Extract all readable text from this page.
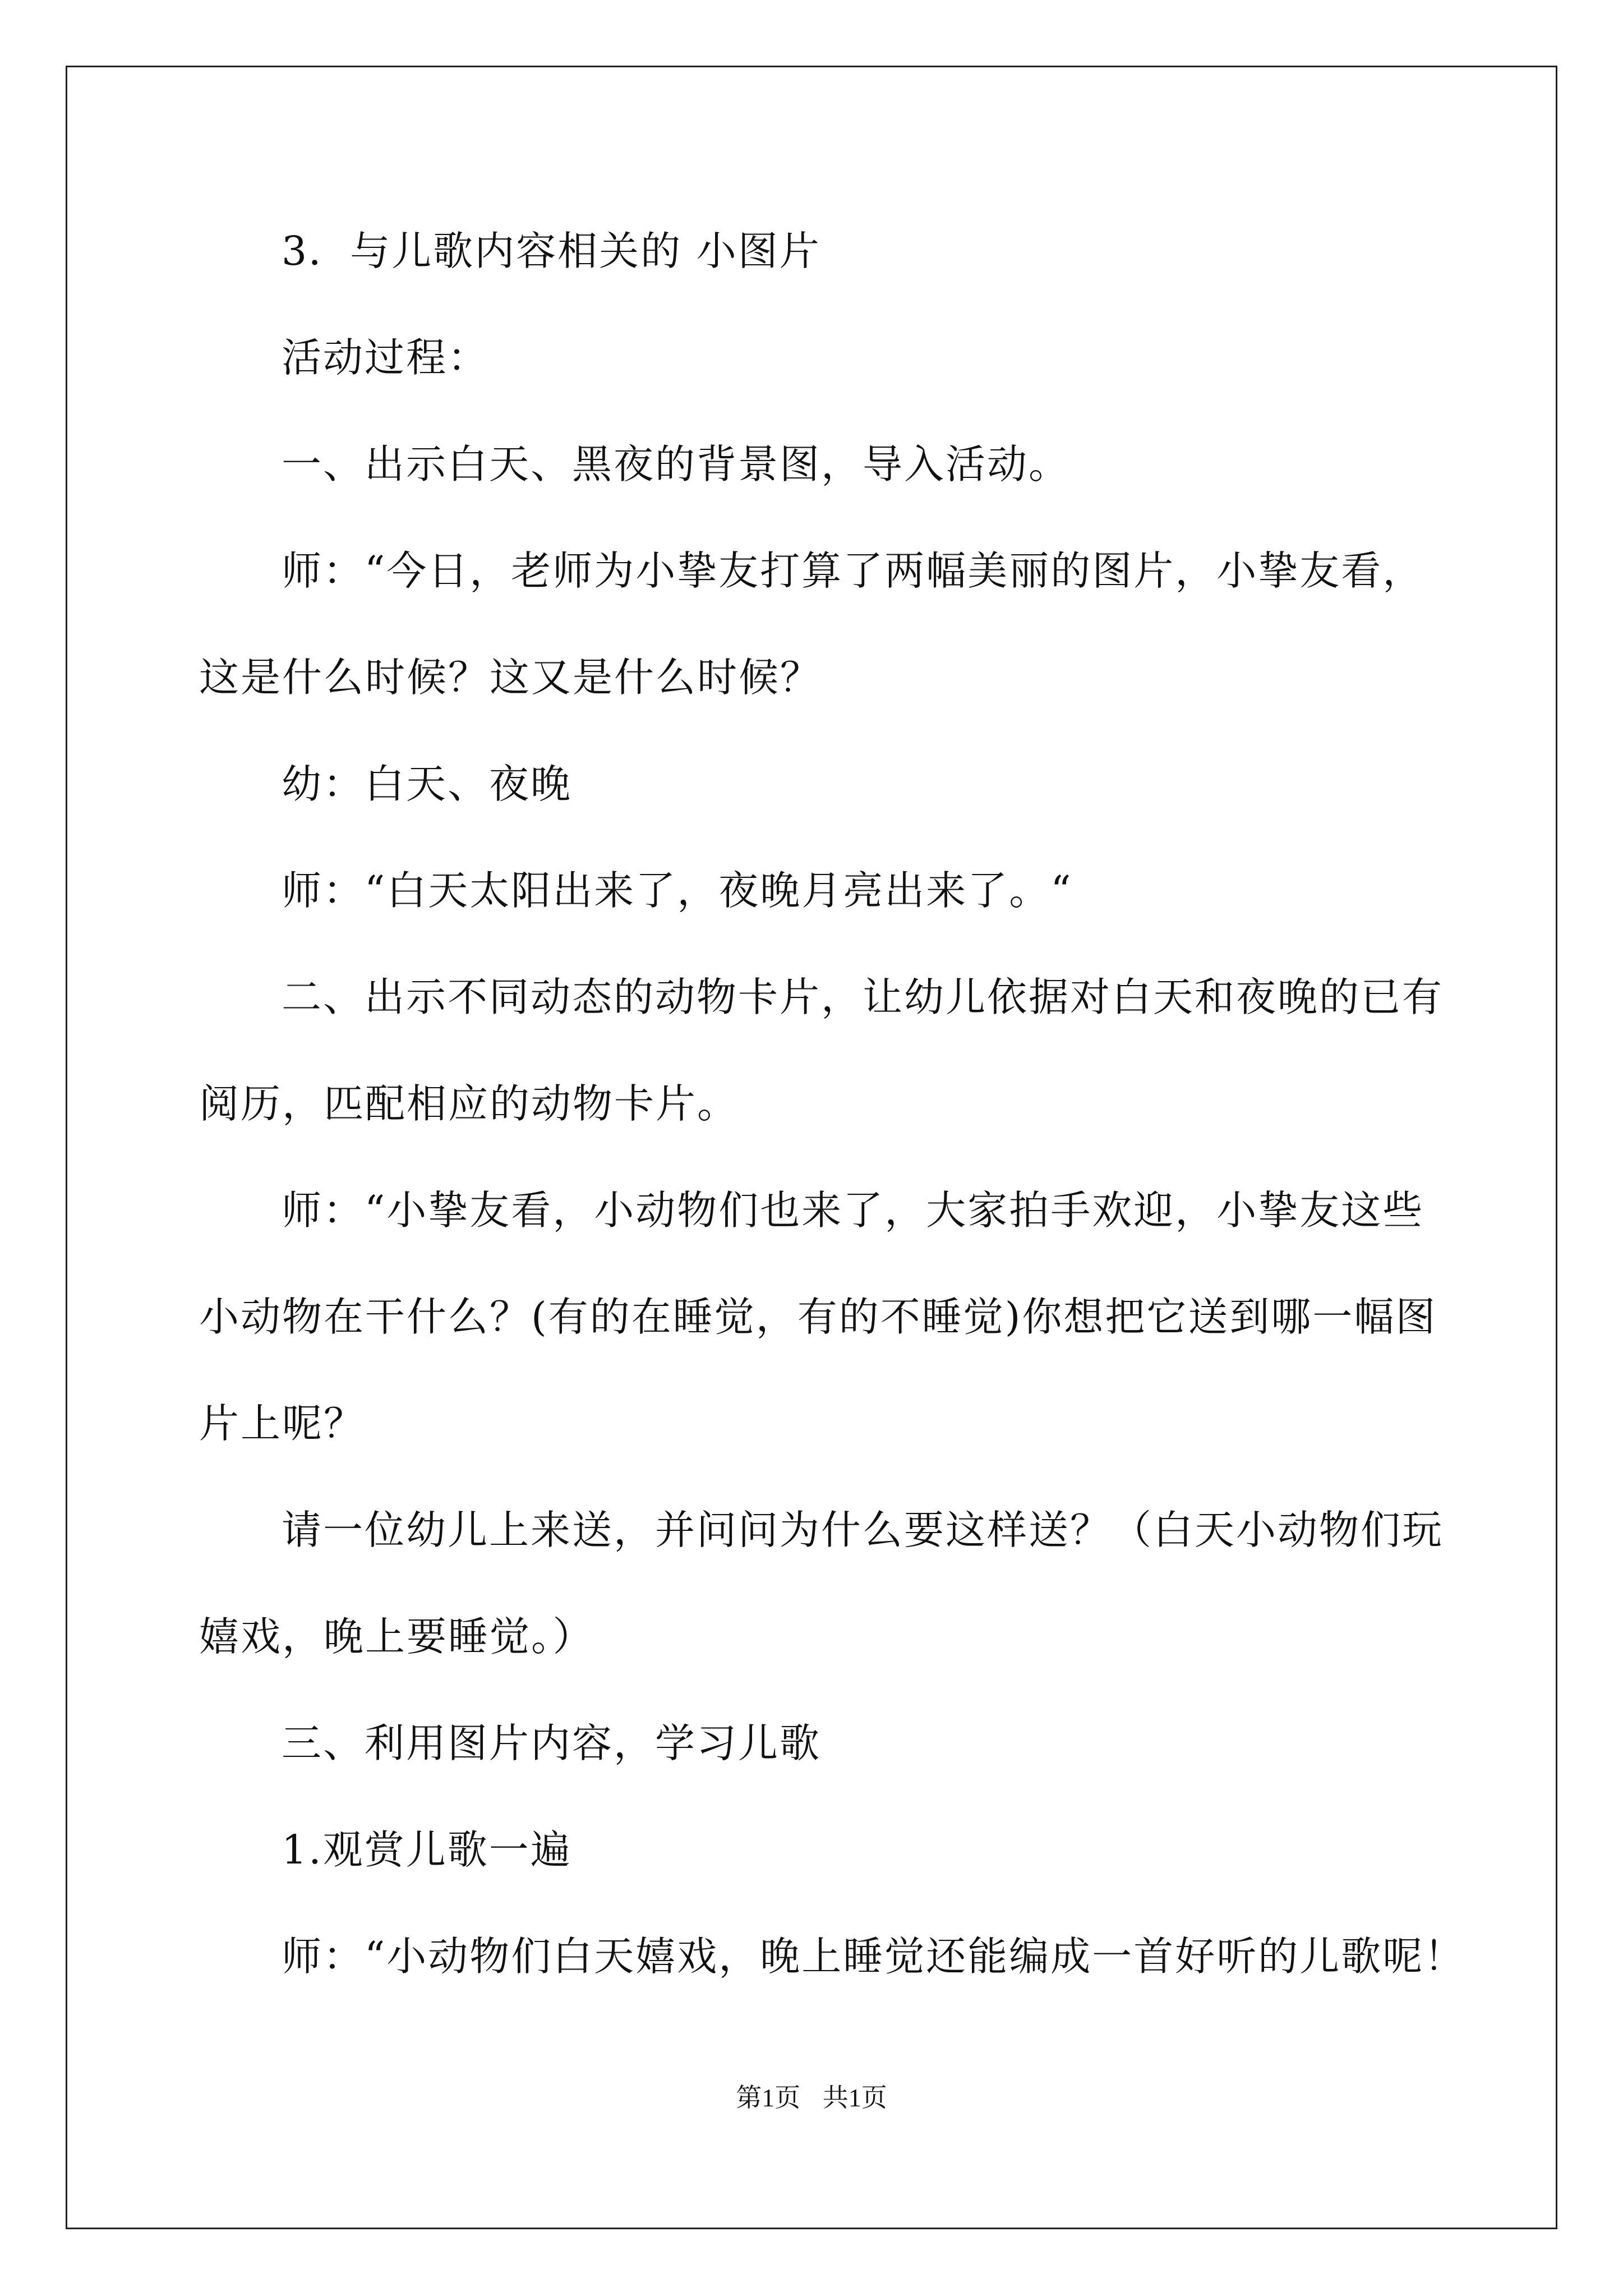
3．与儿歌内容相关的 小图片
活动过程：
一、出示白天、黑夜的背景图，导入活动。
师：“今日，老师为小挚友打算了两幅美丽的图片，小挚友看，
这是什么时候？这又是什么时候？
幼：白天、夜晚
师：“白天太阳出来了，夜晚月亮出来了。“
二、出示不同动态的动物卡片，让幼儿依据对白天和夜晚的已有
阅历，匹配相应的动物卡片。
师：“小挚友看，小动物们也来了，大家拍手欢迎，小挚友这些
小动物在干什么？(有的在睡觉，有的不睡觉)你想把它送到哪一幅图
片上呢？
请一位幼儿上来送，并问问为什么要这样送？（白天小动物们玩
嬉戏，晚上要睡觉。）
三、利用图片内容，学习儿歌
1.观赏儿歌一遍
师：“小动物们白天嬉戏，晚上睡觉还能编成一首好听的儿歌呢！
第1页 共1页
